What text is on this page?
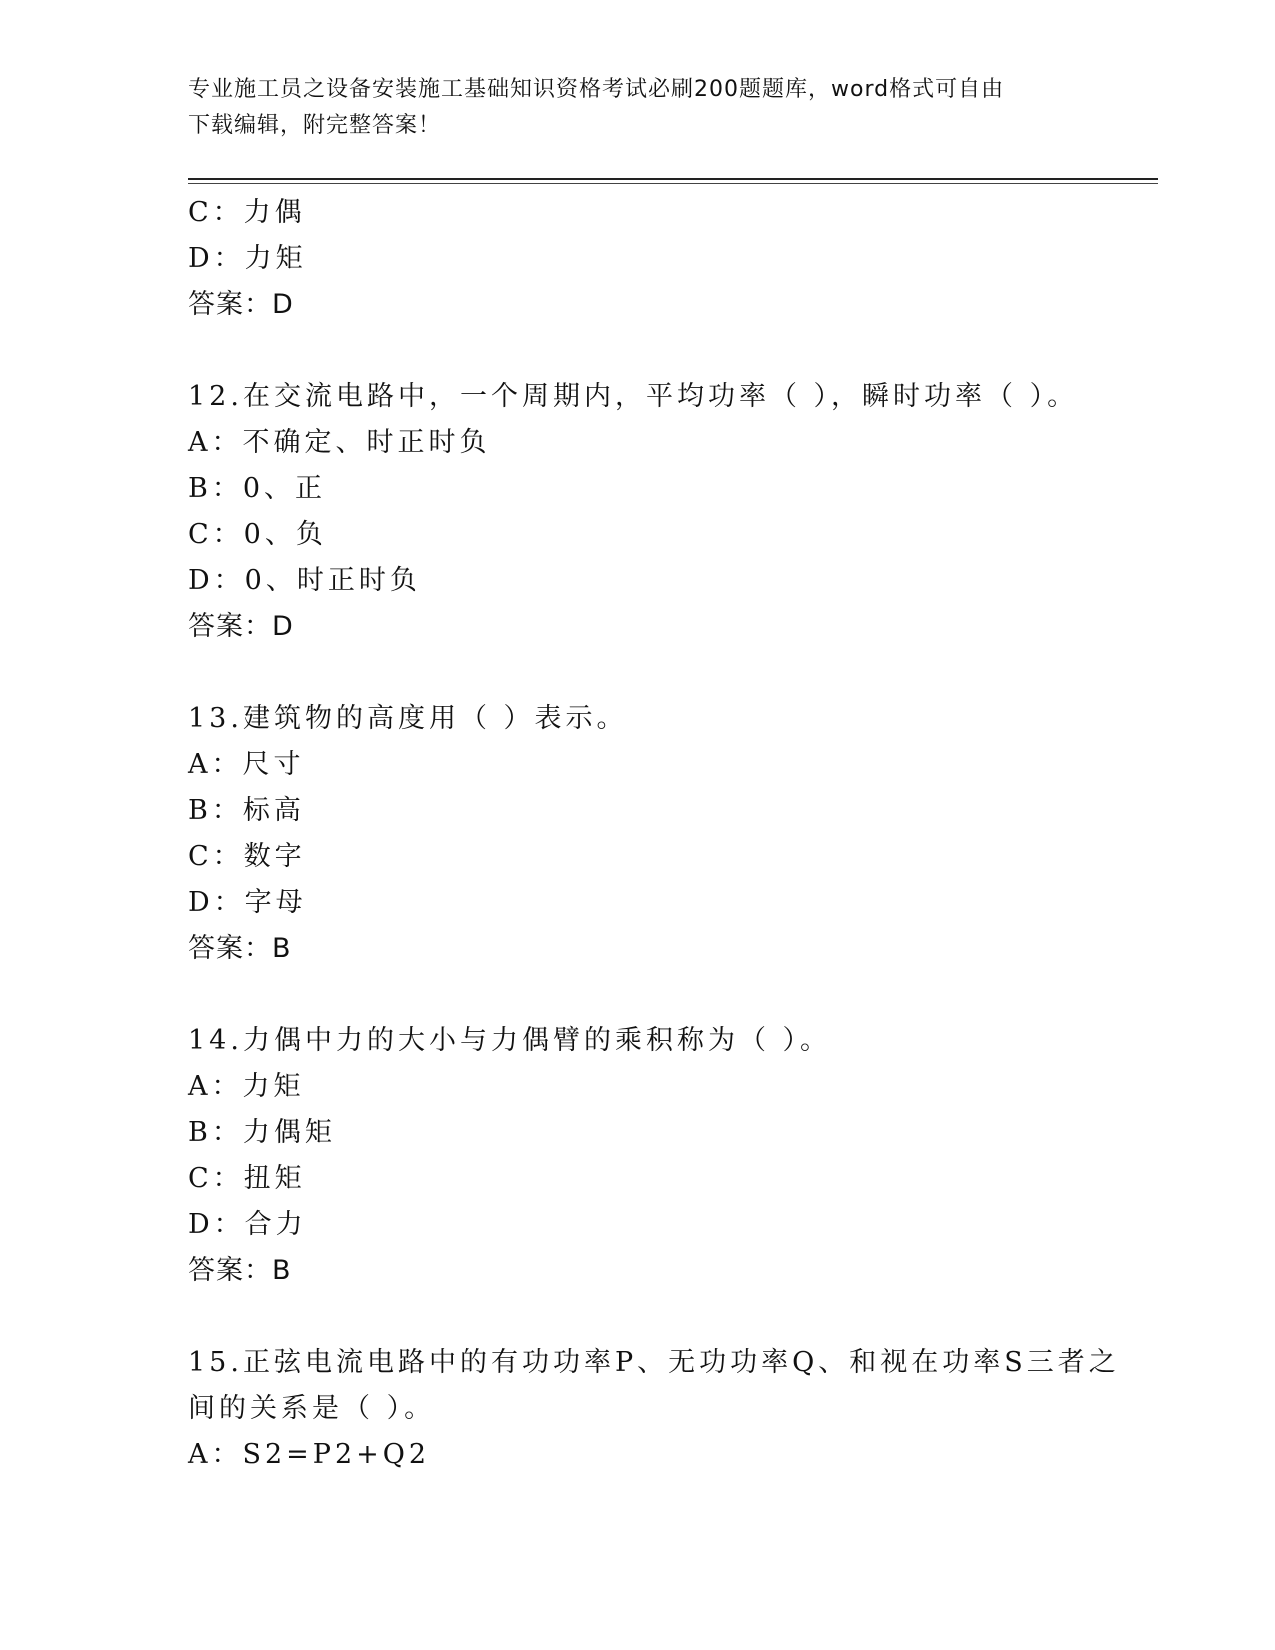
专业施工员之设备安装施工基础知识资格考试必刷200题题库，word格式可自由
下载编辑，附完整答案！
C：力偶
D：力矩
答案：D
12.在交流电路中，一个周期内，平均功率（ ），瞬时功率（ ）。
A：不确定、时正时负
B：0、正
C：0、负
D：0、时正时负
答案：D
13.建筑物的高度用（ ）表示。
A：尺寸
B：标高
C：数字
D：字母
答案：B
14.力偶中力的大小与力偶臂的乘积称为（ ）。
A：力矩
B：力偶矩
C：扭矩
D：合力
答案：B
15.正弦电流电路中的有功功率P、无功功率Q、和视在功率S三者之
间的关系是（ ）。
A：S2=P2+Q2
